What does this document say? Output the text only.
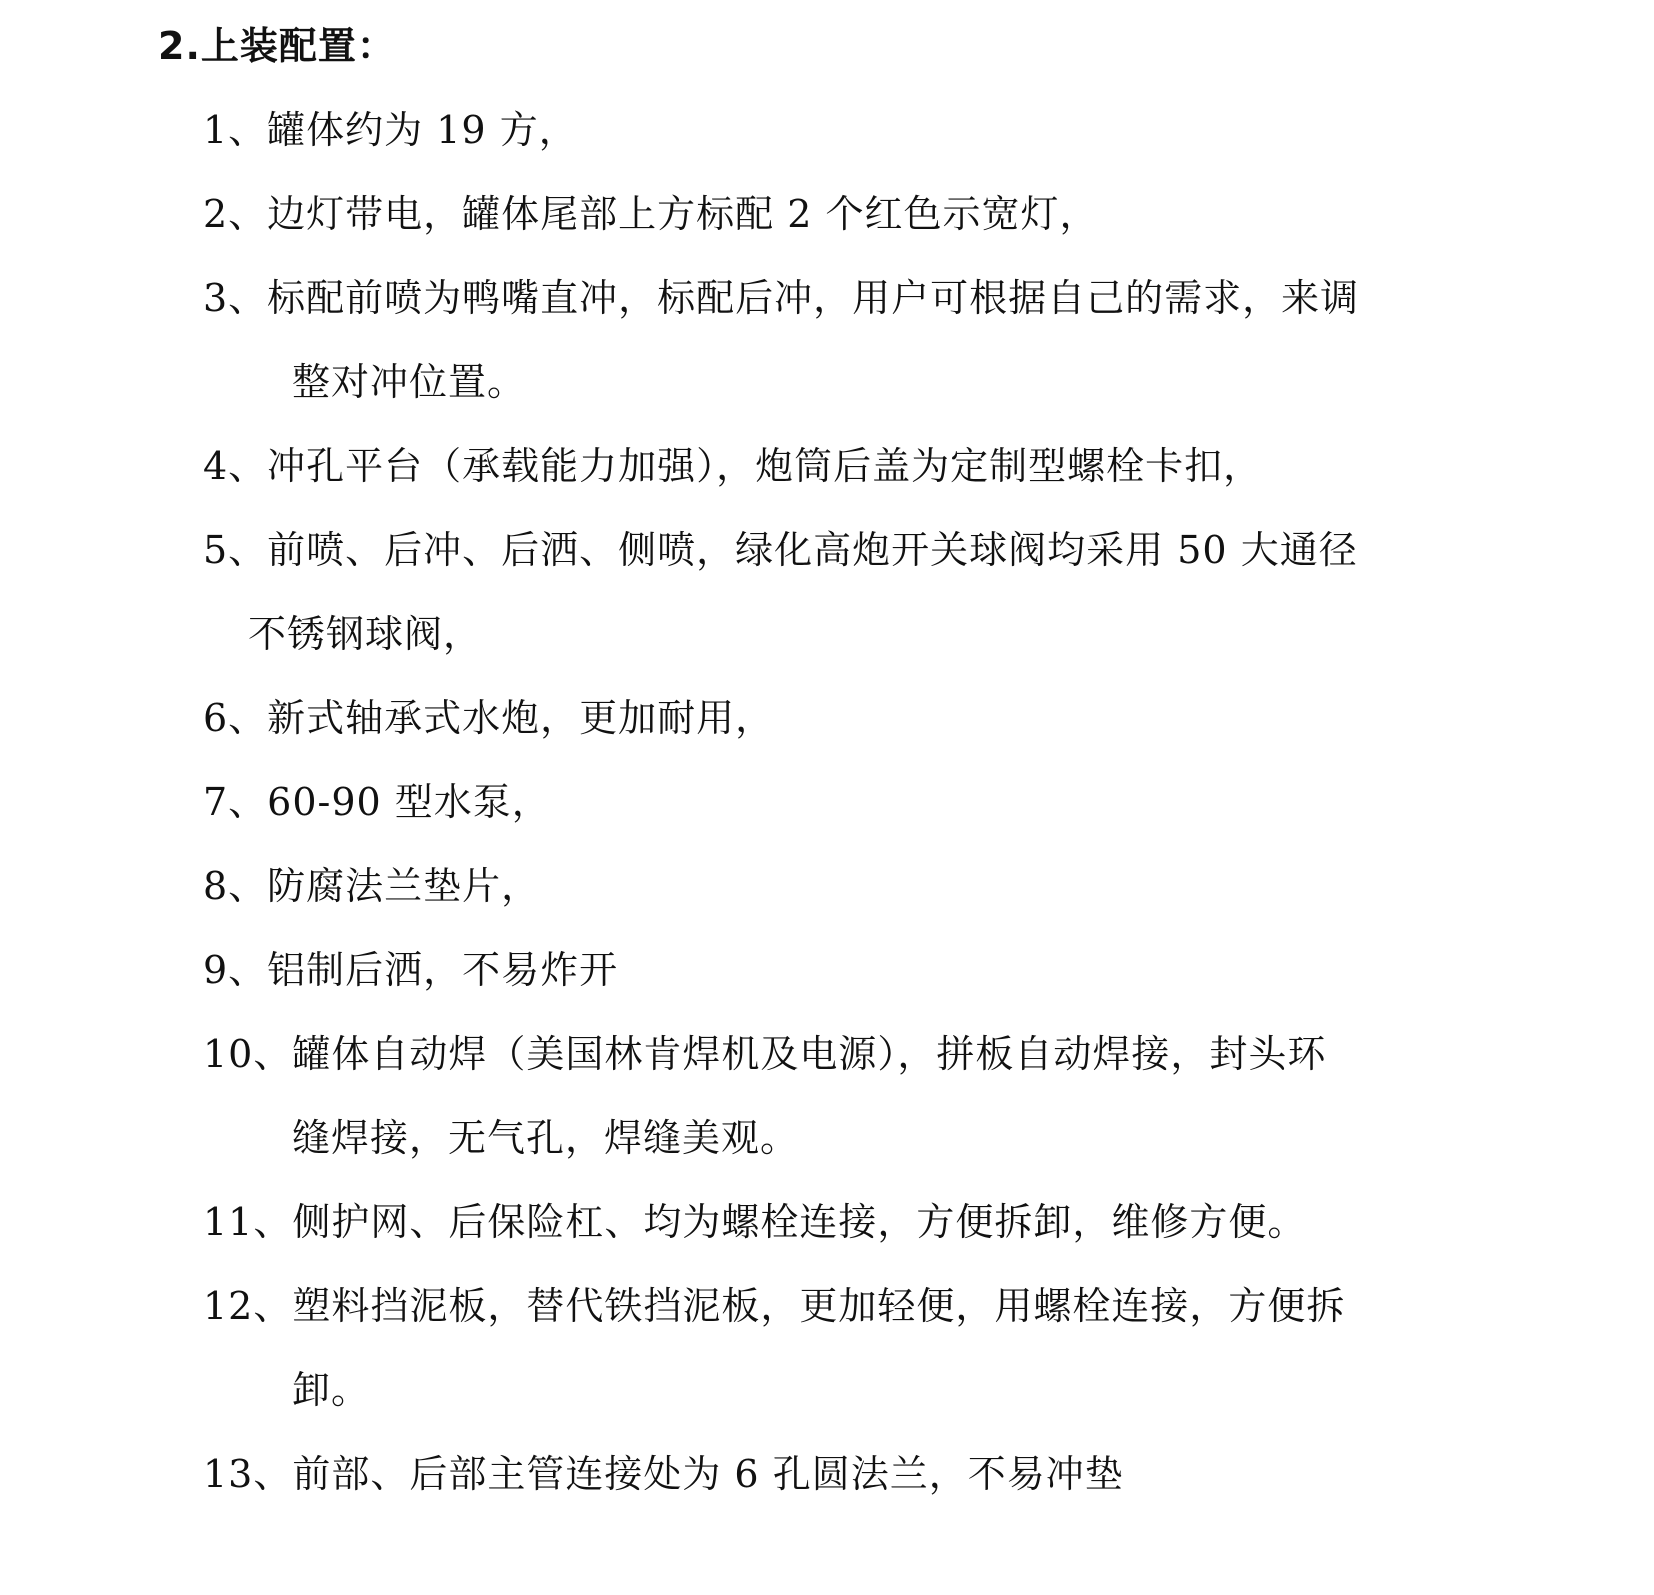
2.上装配置：
1、罐体约为 19 方，
2、边灯带电，罐体尾部上方标配 2 个红色示宽灯，
3、标配前喷为鸭嘴直冲，标配后冲，用户可根据自己的需求，来调
整对冲位置。
4、冲孔平台（承载能力加强），炮筒后盖为定制型螺栓卡扣，
5、前喷、后冲、后洒、侧喷，绿化高炮开关球阀均采用 50 大通径
不锈钢球阀，
6、新式轴承式水炮，更加耐用，
7、60-90 型水泵，
8、防腐法兰垫片，
9、铝制后洒，不易炸开
10、罐体自动焊（美国林肯焊机及电源），拼板自动焊接，封头环
缝焊接，无气孔，焊缝美观。
11、侧护网、后保险杠、均为螺栓连接，方便拆卸，维修方便。
12、塑料挡泥板，替代铁挡泥板，更加轻便，用螺栓连接，方便拆
卸。
13、前部、后部主管连接处为 6 孔圆法兰，不易冲垫
